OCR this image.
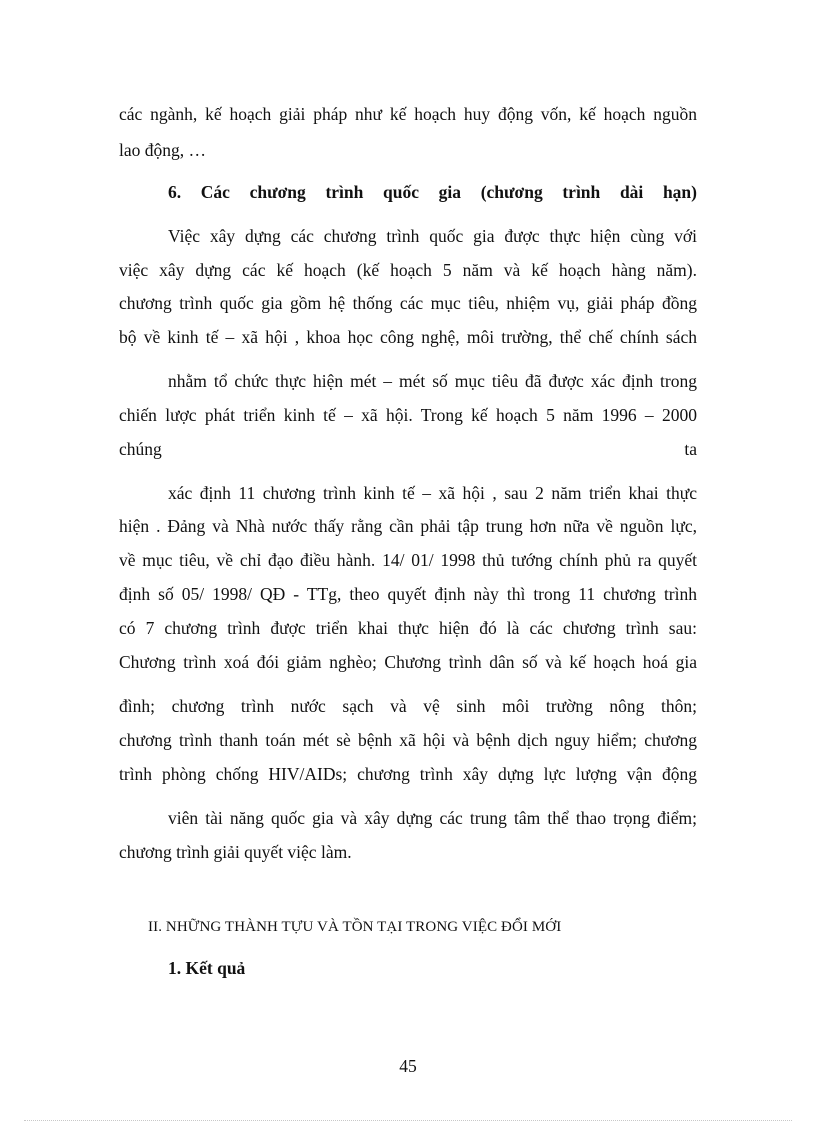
các ngành, kế hoạch giải pháp như kế hoạch huy động vốn, kế hoạch nguồn
lao động, …
6. Các chương trình quốc gia (chương trình dài hạn)
Việc xây dựng các chương trình quốc gia được thực hiện cùng với
việc xây dựng các kế hoạch (kế hoạch 5 năm và kế hoạch hàng năm).
chương trình quốc gia gồm hệ thống các mục tiêu, nhiệm vụ, giải pháp đồng
bộ về kinh tế – xã hội , khoa học công nghệ, môi trường, thể chế chính sách
nhằm tổ chức thực hiện mét – mét số mục tiêu đã được xác định trong
chiến lược phát triển kinh tế – xã hội. Trong kế hoạch 5 năm 1996 – 2000
chúng	ta
xác định 11 chương trình kinh tế – xã hội , sau 2 năm triển khai thực
hiện . Đảng và Nhà nước thấy rằng cần phải tập trung hơn nữa về nguồn lực,
về mục tiêu, về chỉ đạo điều hành. 14/ 01/ 1998 thủ tướng chính phủ ra quyết
định số 05/ 1998/ QĐ - TTg, theo quyết định này thì trong 11 chương trình
có 7 chương trình được triển khai thực hiện đó là các chương trình sau:
Chương trình xoá đói giảm nghèo; Chương trình dân số và kế hoạch hoá gia
đình; chương trình nước sạch và vệ sinh môi trường nông thôn;
chương trình thanh toán mét sè bệnh xã hội và bệnh dịch nguy hiểm; chương
trình phòng chống HIV/AIDs; chương trình xây dựng lực lượng vận động
viên tài năng quốc gia và xây dựng các trung tâm thể thao trọng điểm;
chương trình giải quyết việc làm.
II. NHỮNG THÀNH TỰU VÀ TỒN TẠI TRONG VIỆC ĐỔI MỚI
1. Kết quả
45
